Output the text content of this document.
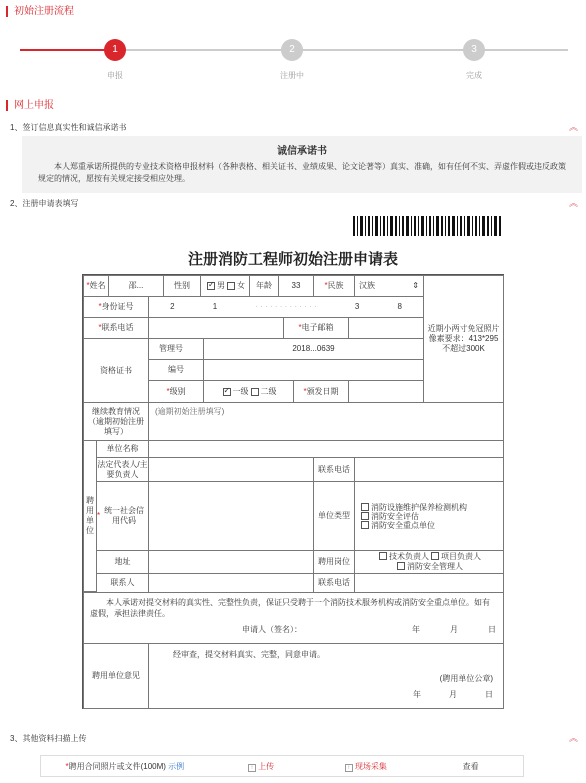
初始注册流程
1	2	3
申报	注册中	完成
网上申报
1、签订信息真实性和诚信承诺书	︽
诚信承诺书
本人郑重承诺所提供的专业技术资格申报材料（各种表格、相关证书、业绩成果、论文论著等）真实、准确，如有任何不实、弄虚作假或违反政策规定的情况，愿按有关规定接受相应处理。
2、注册申请表填写	︽
注册消防工程师初始注册申请表
* 姓名	邵...	性别
✓	男 女	年龄	33	* 民族 汉族	⇕
* 身份证号	2	1	· · · · · · · · · · · · ·	3	8
近期小两寸免冠照片像素要求：413*295 不超过300K
* 联系电话	* 电子邮箱
资格证书
管理号	2018...0639
编号
* 级别
✓	一级 二级	* 颁发日期
继续教育情况（逾期初始注册填写）
(逾期初始注册填写)
聘用单位
单位名称
法定代表人/主要负责人
联系电话
*
统一社会信用代码
单位类型
消防设施维护保养检测机构
消防安全评估
消防安全重点单位
地址	聘用岗位
技术负责人 项目负责人
消防安全管理人
联系人	联系电话
本人承诺对提交材料的真实性、完整性负责，保证只受聘于一个消防技术服务机构或消防安全重点单位。如有虚假，承担法律责任。
申请人（签名）：	年	月	日
聘用单位意见
经审查，提交材料真实、完整，同意申请。
(聘用单位公章)
年	月	日
3、其他资料扫描上传	︽
*聘用合同照片或文件(100M) 示例	↑ 上传	↑ 现场采集	查看
